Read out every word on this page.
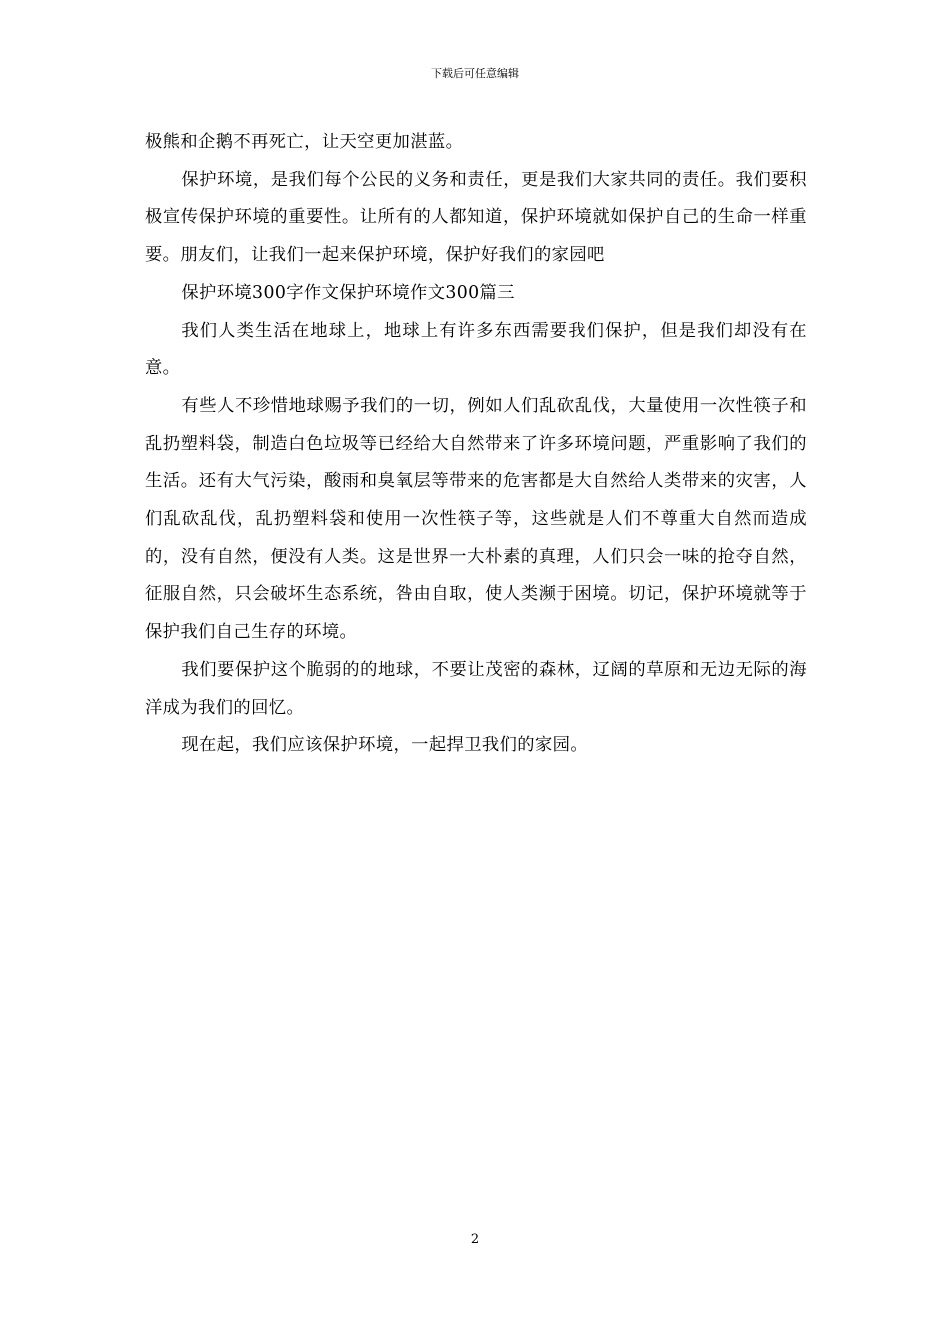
下载后可任意编辑

极熊和企鹅不再死亡，让天空更加湛蓝。

保护环境，是我们每个公民的义务和责任，更是我们大家共同的责任。我们要积极宣传保护环境的重要性。让所有的人都知道，保护环境就如保护自己的生命一样重要。朋友们，让我们一起来保护环境，保护好我们的家园吧

保护环境300字作文保护环境作文300篇三

我们人类生活在地球上，地球上有许多东西需要我们保护，但是我们却没有在意。

有些人不珍惜地球赐予我们的一切，例如人们乱砍乱伐，大量使用一次性筷子和乱扔塑料袋，制造白色垃圾等已经给大自然带来了许多环境问题，严重影响了我们的生活。还有大气污染，酸雨和臭氧层等带来的危害都是大自然给人类带来的灾害，人们乱砍乱伐，乱扔塑料袋和使用一次性筷子等，这些就是人们不尊重大自然而造成的，没有自然，便没有人类。这是世界一大朴素的真理，人们只会一味的抢夺自然，征服自然，只会破坏生态系统，咎由自取，使人类濒于困境。切记，保护环境就等于保护我们自己生存的环境。

我们要保护这个脆弱的的地球，不要让茂密的森林，辽阔的草原和无边无际的海洋成为我们的回忆。

现在起，我们应该保护环境，一起捍卫我们的家园。

2
